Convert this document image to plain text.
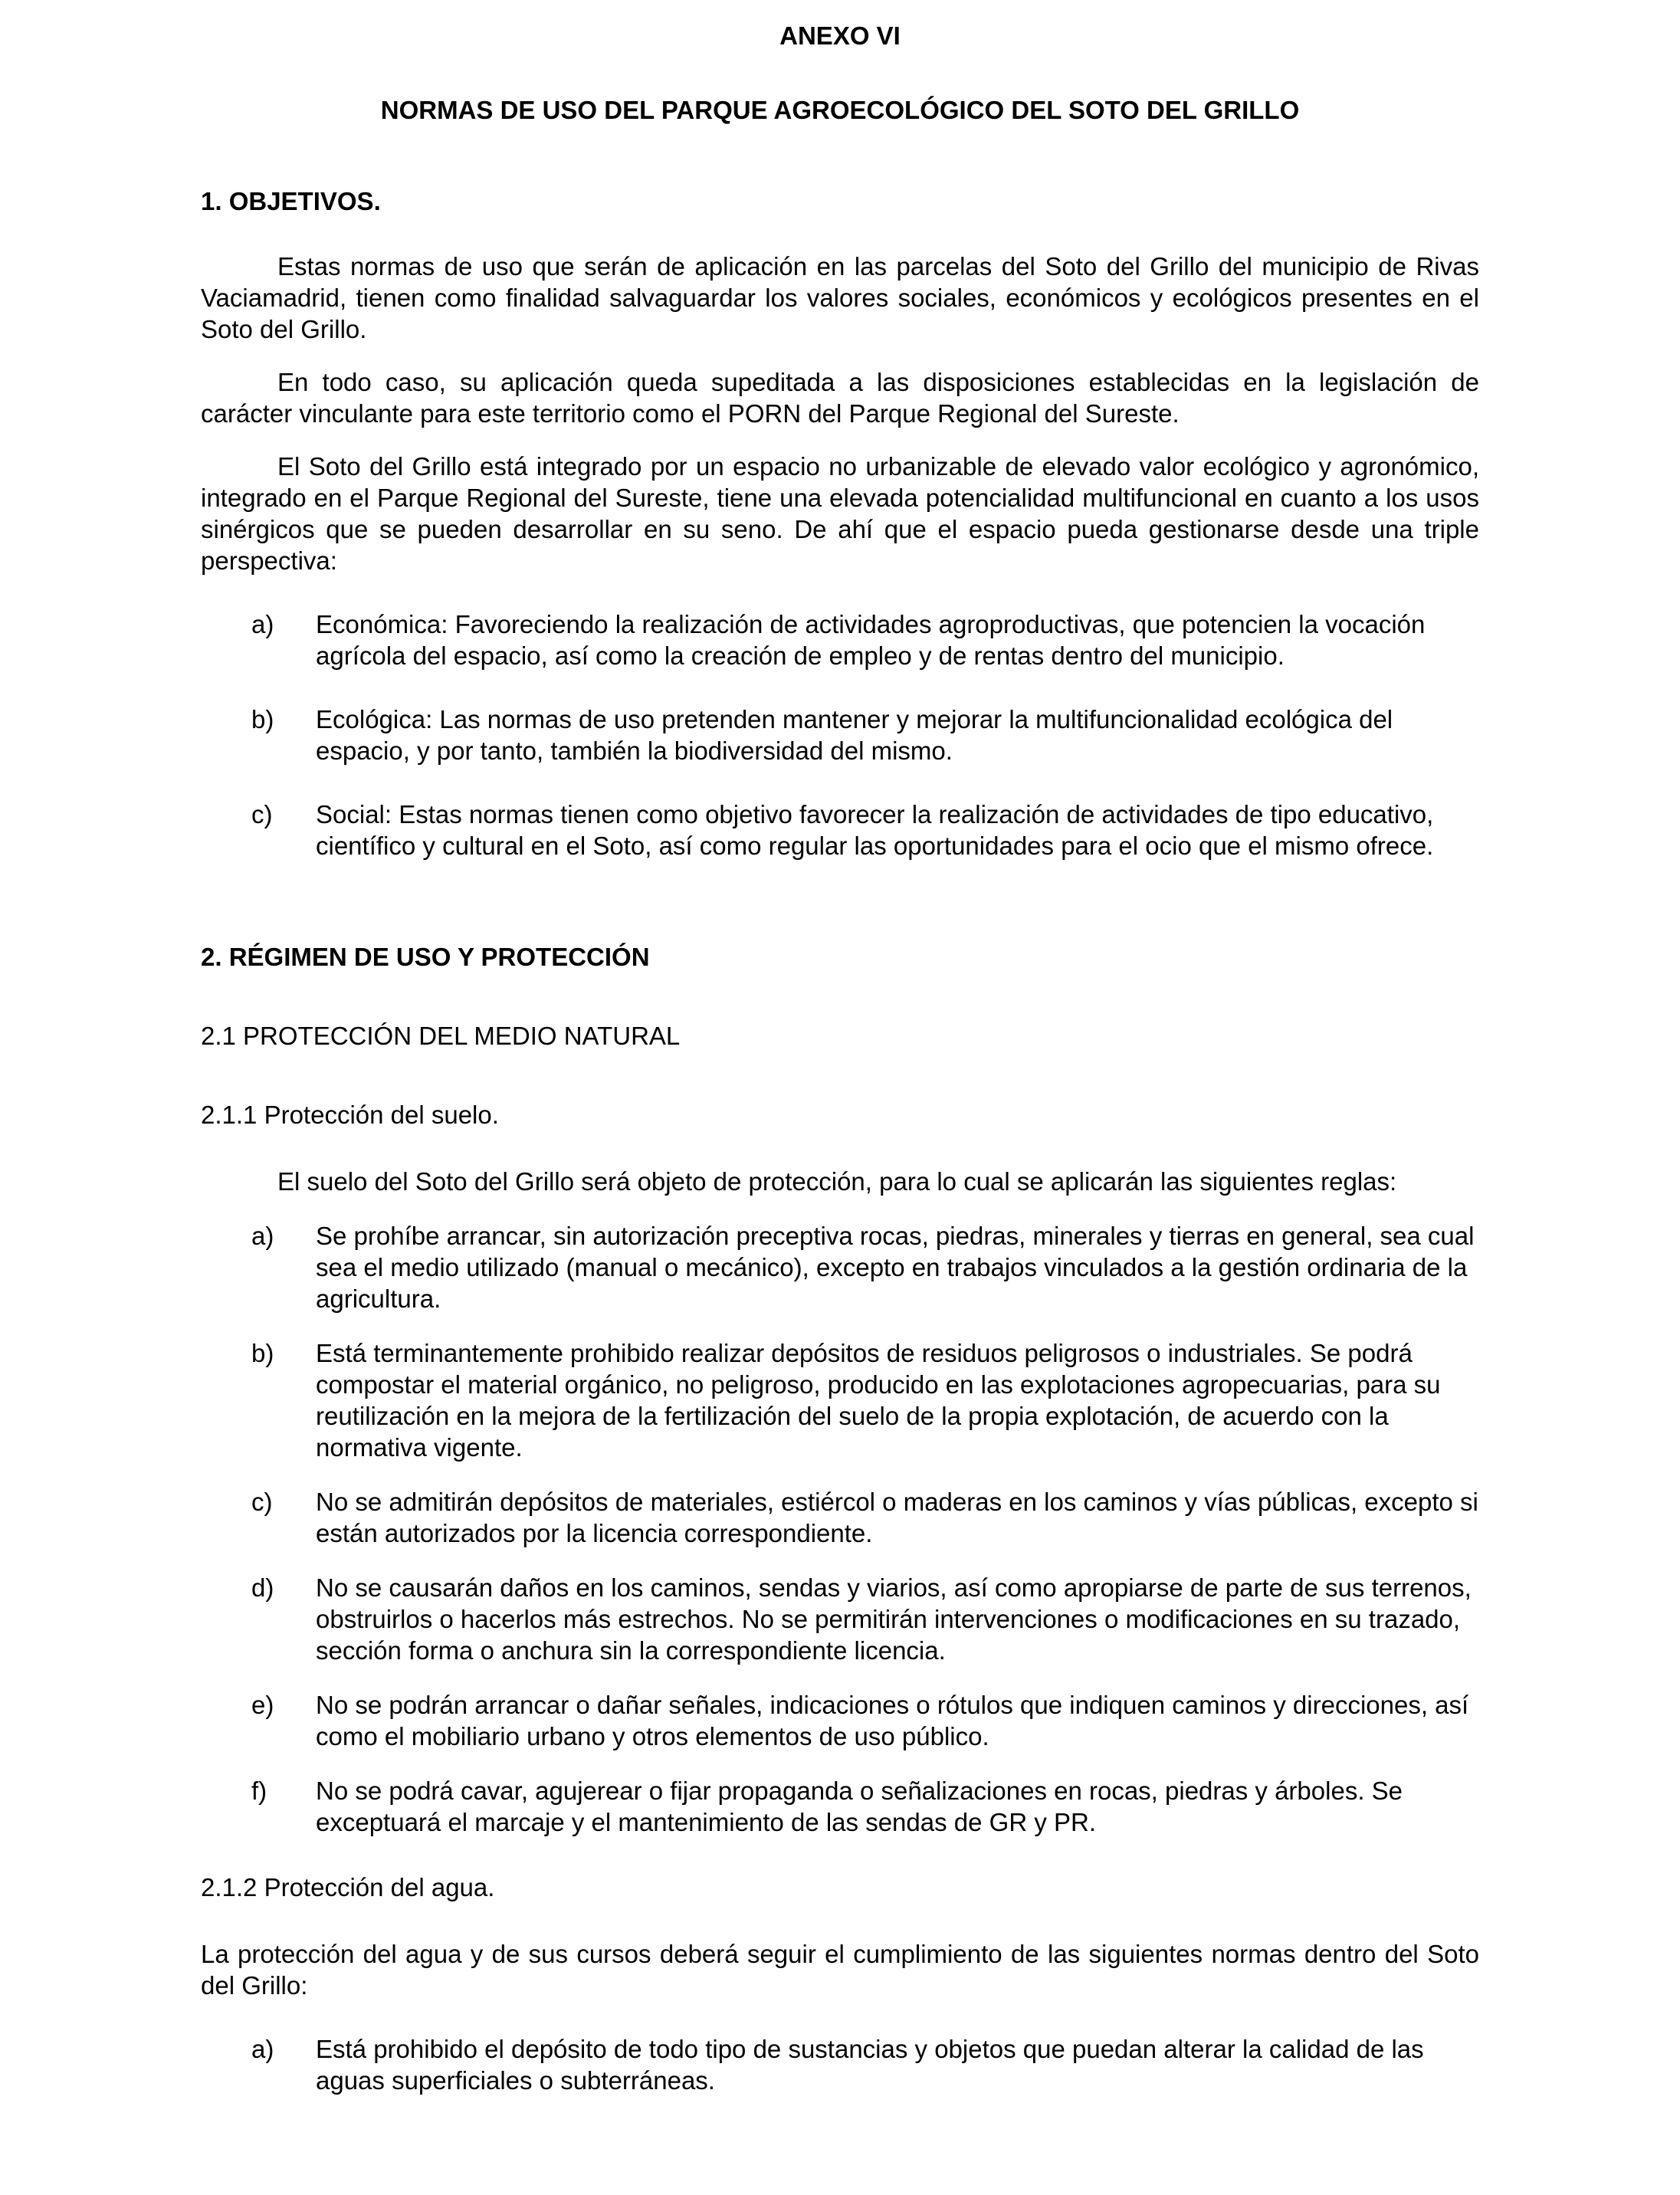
ANEXO VI

NORMAS DE USO DEL PARQUE AGROECOLÓGICO DEL SOTO DEL GRILLO

1. OBJETIVOS.

Estas normas de uso que serán de aplicación en las parcelas del Soto del Grillo del municipio de Rivas Vaciamadrid, tienen como finalidad salvaguardar los valores sociales, económicos y ecológicos presentes en el Soto del Grillo.

En todo caso, su aplicación queda supeditada a las disposiciones establecidas en la legislación de carácter vinculante para este territorio como el PORN del Parque Regional del Sureste.

El Soto del Grillo está integrado por un espacio no urbanizable de elevado valor ecológico y agronómico, integrado en el Parque Regional del Sureste, tiene una elevada potencialidad multifuncional en cuanto a los usos sinérgicos que se pueden desarrollar en su seno. De ahí que el espacio pueda gestionarse desde una triple perspectiva:

a) Económica: Favoreciendo la realización de actividades agroproductivas, que potencien la vocación agrícola del espacio, así como la creación de empleo y de rentas dentro del municipio.
b) Ecológica: Las normas de uso pretenden mantener y mejorar la multifuncionalidad ecológica del espacio, y por tanto, también la biodiversidad del mismo.
c) Social: Estas normas tienen como objetivo favorecer la realización de actividades de tipo educativo, científico y cultural en el Soto, así como regular las oportunidades para el ocio que el mismo ofrece.

2. RÉGIMEN DE USO Y PROTECCIÓN

2.1 PROTECCIÓN DEL MEDIO NATURAL

2.1.1 Protección del suelo.

El suelo del Soto del Grillo será objeto de protección, para lo cual se aplicarán las siguientes reglas:

a) Se prohíbe arrancar, sin autorización preceptiva rocas, piedras, minerales y tierras en general, sea cual sea el medio utilizado (manual o mecánico), excepto en trabajos vinculados a la gestión ordinaria de la agricultura.
b) Está terminantemente prohibido realizar depósitos de residuos peligrosos o industriales. Se podrá compostar el material orgánico, no peligroso, producido en las explotaciones agropecuarias, para su reutilización en la mejora de la fertilización del suelo de la propia explotación, de acuerdo con la normativa vigente.
c) No se admitirán depósitos de materiales, estiércol o maderas en los caminos y vías públicas, excepto si están autorizados por la licencia correspondiente.
d) No se causarán daños en los caminos, sendas y viarios, así como apropiarse de parte de sus terrenos, obstruirlos o hacerlos más estrechos. No se permitirán intervenciones o modificaciones en su trazado, sección forma o anchura sin la correspondiente licencia.
e) No se podrán arrancar o dañar señales, indicaciones o rótulos que indiquen caminos y direcciones, así como el mobiliario urbano y otros elementos de uso público.
f) No se podrá cavar, agujerear o fijar propaganda o señalizaciones en rocas, piedras y árboles. Se exceptuará el marcaje y el mantenimiento de las sendas de GR y PR.

2.1.2 Protección del agua.

La protección del agua y de sus cursos deberá seguir el cumplimiento de las siguientes normas dentro del Soto del Grillo:

a) Está prohibido el depósito de todo tipo de sustancias y objetos que puedan alterar la calidad de las aguas superficiales o subterráneas.
